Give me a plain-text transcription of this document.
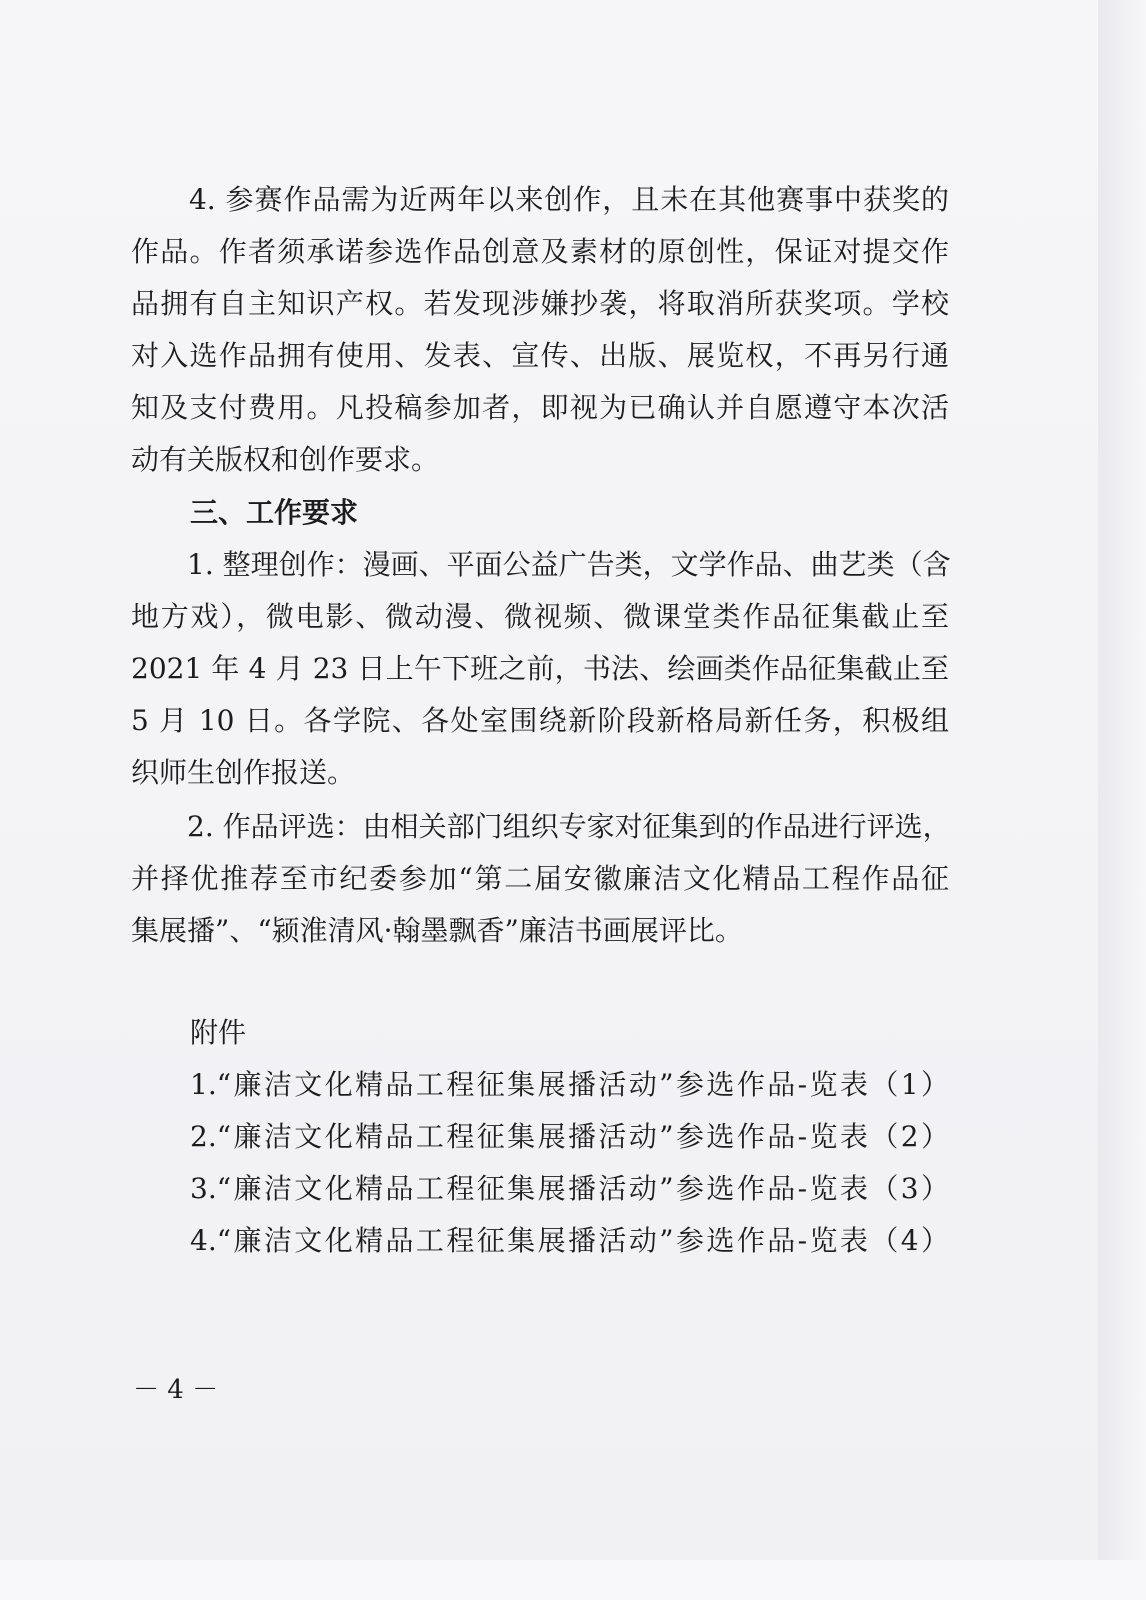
　　4. 参赛作品需为近两年以来创作，且未在其他赛事中获奖的
作品。作者须承诺参选作品创意及素材的原创性，保证对提交作
品拥有自主知识产权。若发现涉嫌抄袭，将取消所获奖项。学校
对入选作品拥有使用、发表、宣传、出版、展览权，不再另行通
知及支付费用。凡投稿参加者，即视为已确认并自愿遵守本次活
动有关版权和创作要求。
三、工作要求
　　1. 整理创作：漫画、平面公益广告类，文学作品、曲艺类（含
地方戏），微电影、微动漫、微视频、微课堂类作品征集截止至
2021 年 4 月 23 日上午下班之前，书法、绘画类作品征集截止至
5 月 10 日。各学院、各处室围绕新阶段新格局新任务，积极组
织师生创作报送。
　　2. 作品评选：由相关部门组织专家对征集到的作品进行评选，
并择优推荐至市纪委参加“第二届安徽廉洁文化精品工程作品征
集展播”、“颍淮清风·翰墨飘香”廉洁书画展评比。
附件
1.“廉洁文化精品工程征集展播活动”参选作品-览表（1）
2.“廉洁文化精品工程征集展播活动”参选作品-览表（2）
3.“廉洁文化精品工程征集展播活动”参选作品-览表（3）
4.“廉洁文化精品工程征集展播活动”参选作品-览表（4）
－ 4 －
